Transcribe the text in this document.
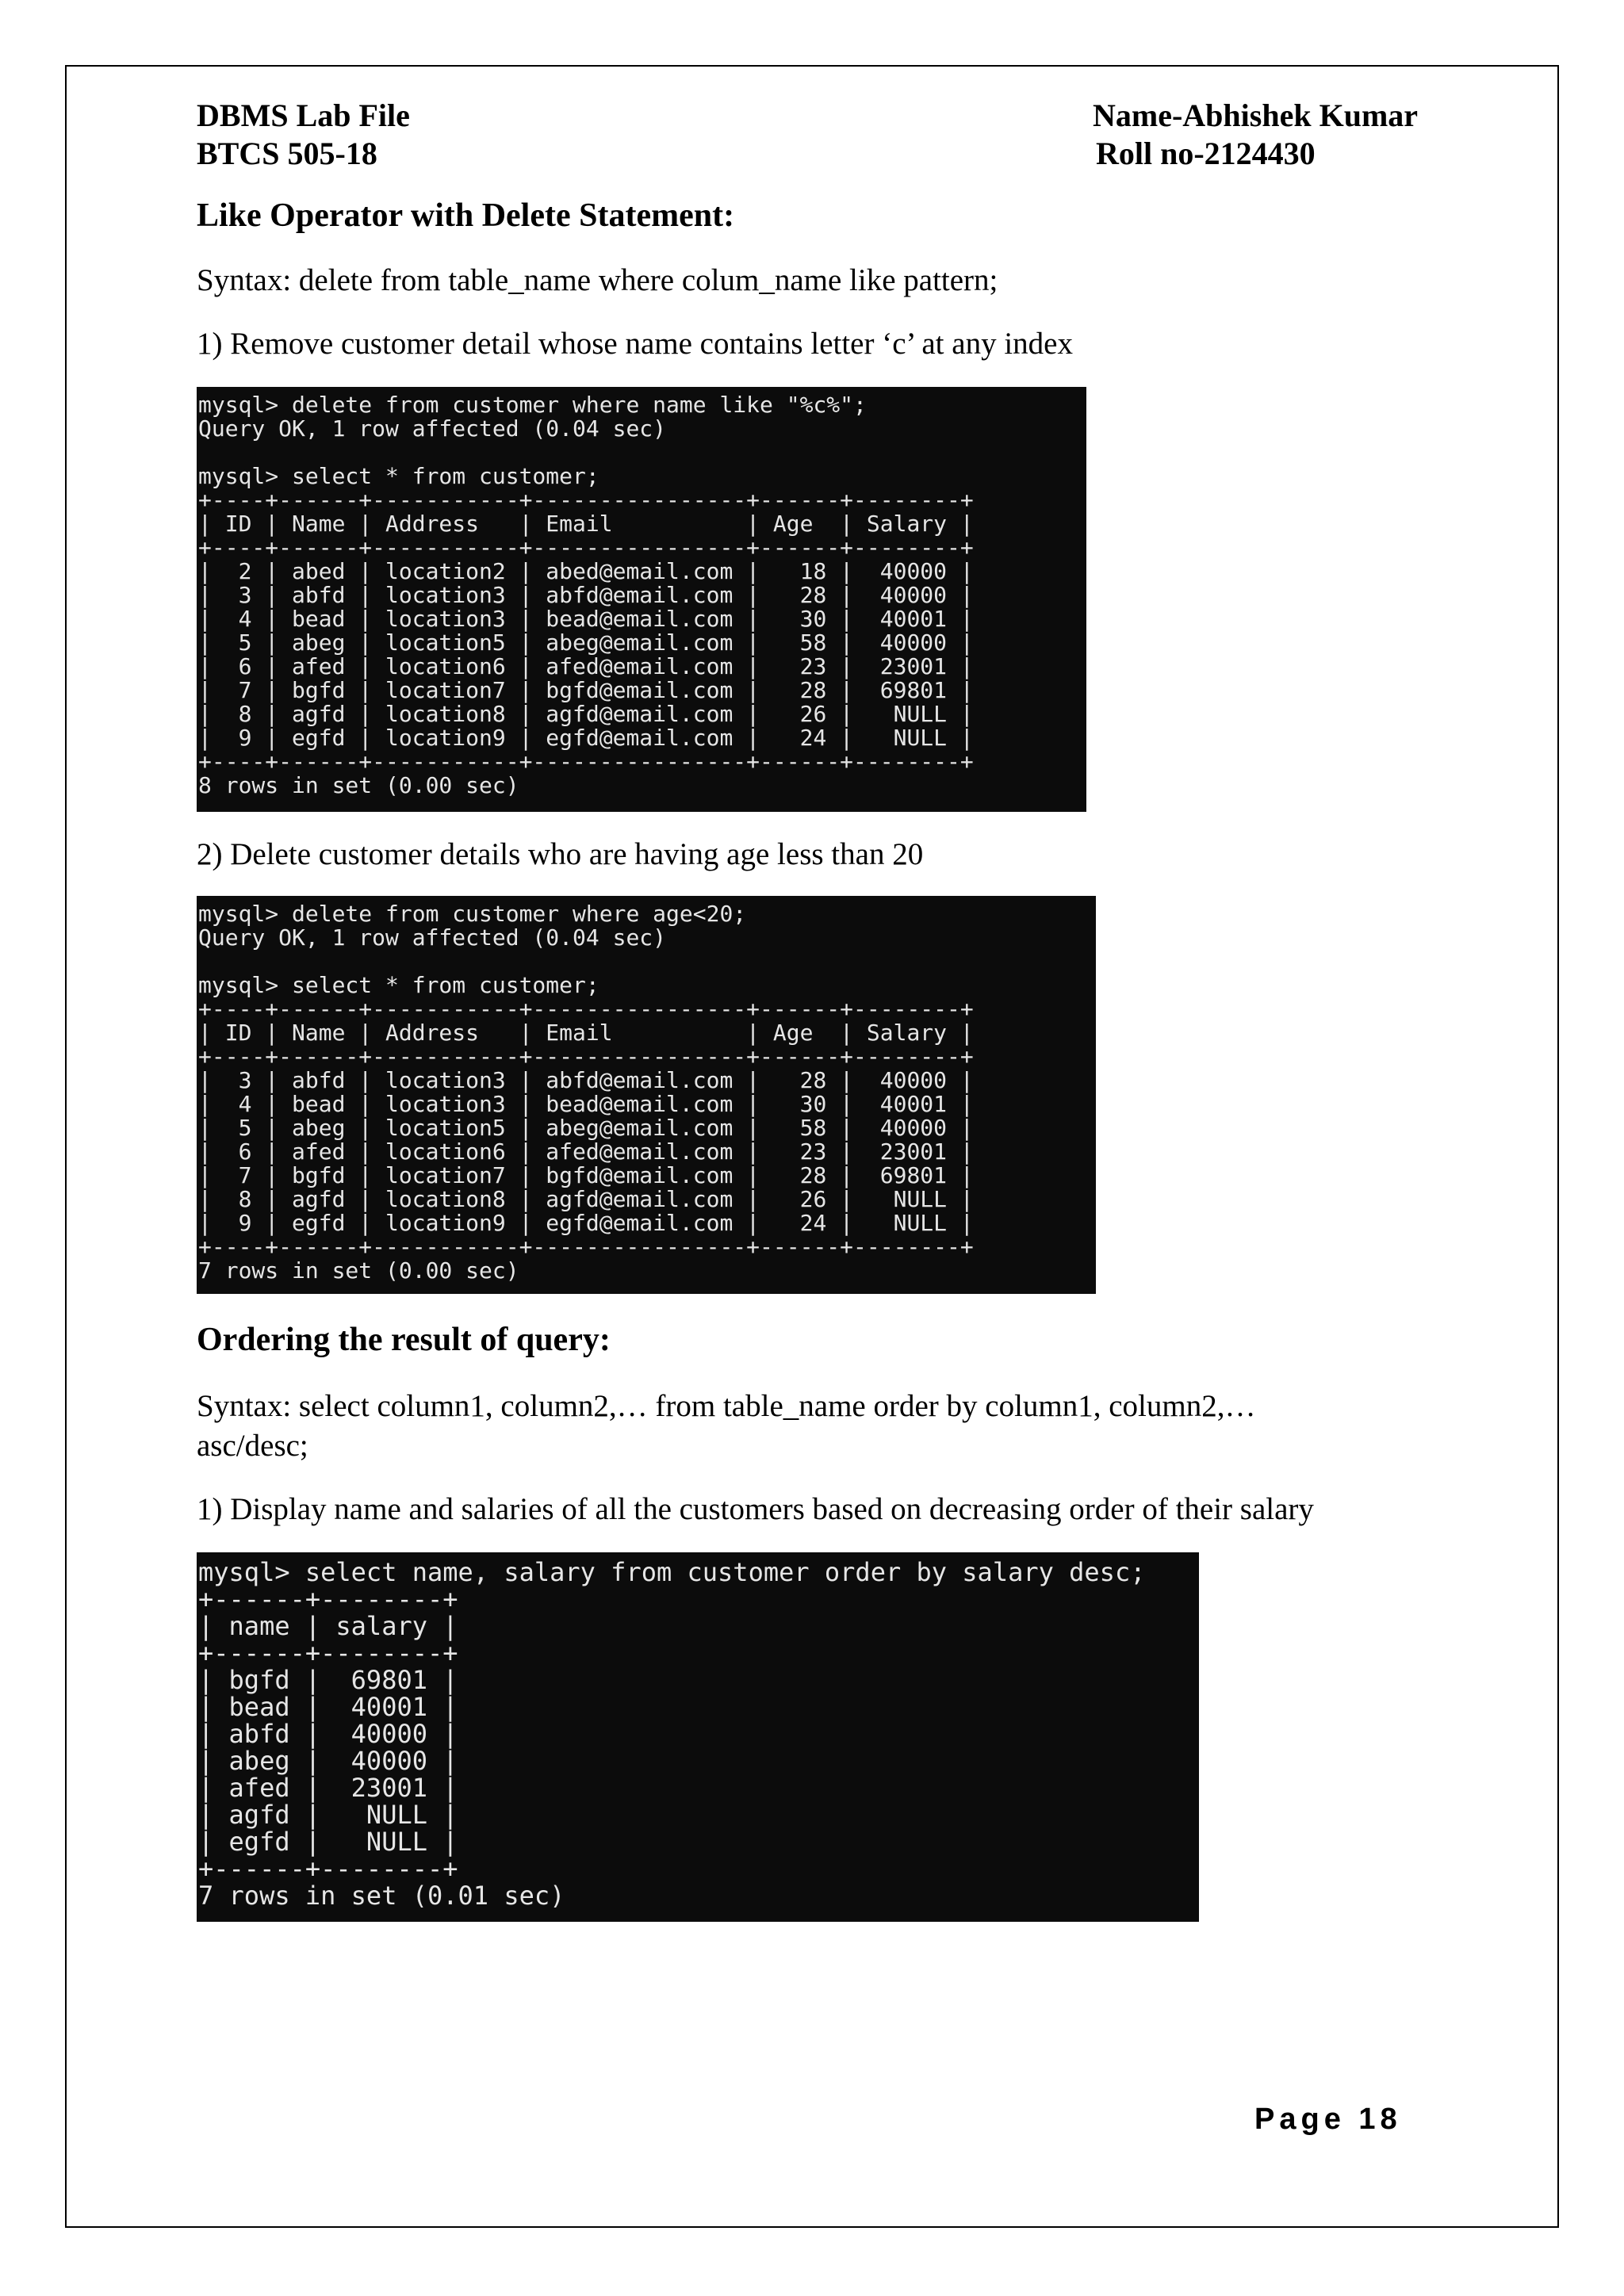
DBMS Lab File
BTCS 505-18
Name-Abhishek Kumar
Roll no-2124430
Like Operator with Delete Statement:
Syntax: delete from table_name where colum_name like pattern;
1) Remove customer detail whose name contains letter ‘c’ at any index
mysql> delete from customer where name like "%c%";
Query OK, 1 row affected (0.04 sec)

mysql> select * from customer;
+----+------+-----------+----------------+------+--------+
| ID | Name | Address   | Email          | Age  | Salary |
+----+------+-----------+----------------+------+--------+
|  2 | abed | location2 | abed@email.com |   18 |  40000 |
|  3 | abfd | location3 | abfd@email.com |   28 |  40000 |
|  4 | bead | location3 | bead@email.com |   30 |  40001 |
|  5 | abeg | location5 | abeg@email.com |   58 |  40000 |
|  6 | afed | location6 | afed@email.com |   23 |  23001 |
|  7 | bgfd | location7 | bgfd@email.com |   28 |  69801 |
|  8 | agfd | location8 | agfd@email.com |   26 |   NULL |
|  9 | egfd | location9 | egfd@email.com |   24 |   NULL |
+----+------+-----------+----------------+------+--------+
8 rows in set (0.00 sec)
2) Delete customer details who are having age less than 20
mysql> delete from customer where age<20;
Query OK, 1 row affected (0.04 sec)

mysql> select * from customer;
+----+------+-----------+----------------+------+--------+
| ID | Name | Address   | Email          | Age  | Salary |
+----+------+-----------+----------------+------+--------+
|  3 | abfd | location3 | abfd@email.com |   28 |  40000 |
|  4 | bead | location3 | bead@email.com |   30 |  40001 |
|  5 | abeg | location5 | abeg@email.com |   58 |  40000 |
|  6 | afed | location6 | afed@email.com |   23 |  23001 |
|  7 | bgfd | location7 | bgfd@email.com |   28 |  69801 |
|  8 | agfd | location8 | agfd@email.com |   26 |   NULL |
|  9 | egfd | location9 | egfd@email.com |   24 |   NULL |
+----+------+-----------+----------------+------+--------+
7 rows in set (0.00 sec)
Ordering the result of query:
Syntax: select column1, column2,… from table_name order by column1, column2,…
asc/desc;
1) Display name and salaries of all the customers based on decreasing order of their salary
mysql> select name, salary from customer order by salary desc;
+------+--------+
| name | salary |
+------+--------+
| bgfd |  69801 |
| bead |  40001 |
| abfd |  40000 |
| abeg |  40000 |
| afed |  23001 |
| agfd |   NULL |
| egfd |   NULL |
+------+--------+
7 rows in set (0.01 sec)
Page 18
